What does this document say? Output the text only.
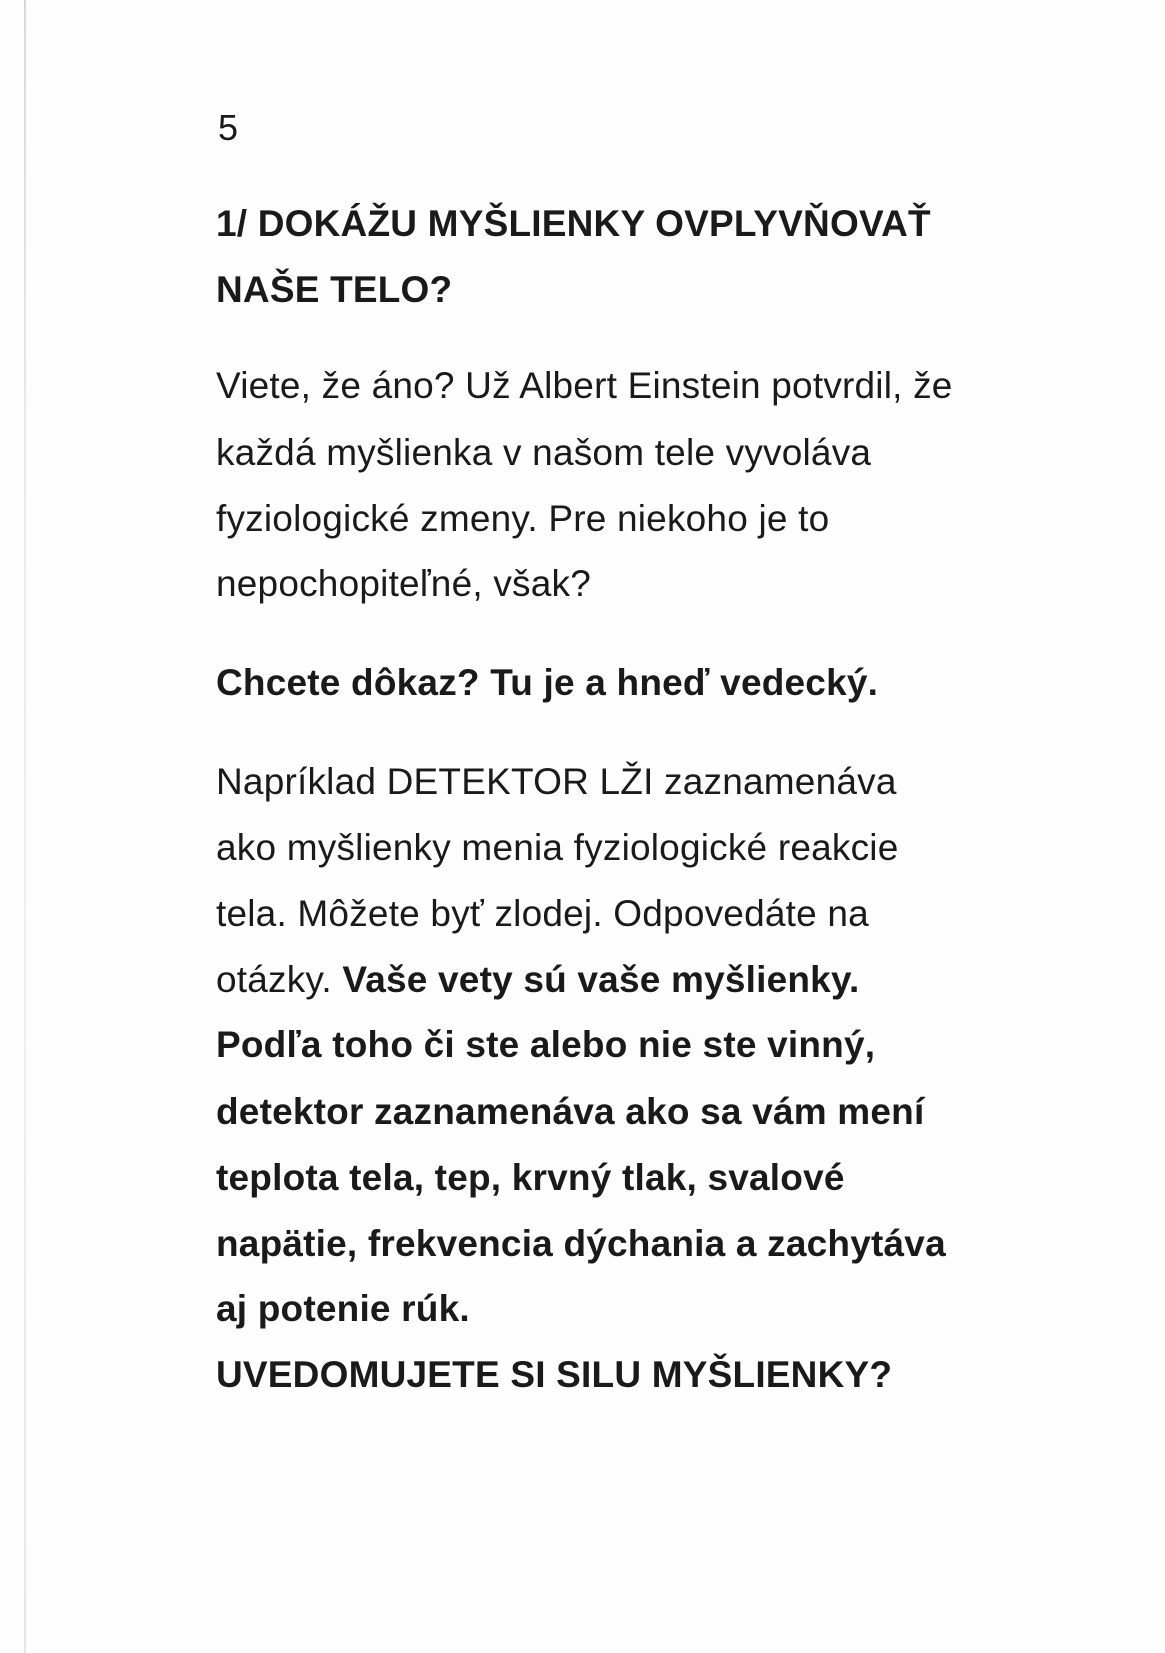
5
1/ DOKÁŽU MYŠLIENKY OVPLYVŇOVAŤ
NAŠE TELO?
Viete, že áno? Už Albert Einstein potvrdil, že
každá myšlienka v našom tele vyvoláva
fyziologické zmeny. Pre niekoho je to
nepochopiteľné, však?
Chcete dôkaz? Tu je a hneď vedecký.
Napríklad DETEKTOR LŽI zaznamenáva
ako myšlienky menia fyziologické reakcie
tela. Môžete byť zlodej. Odpovedáte na
otázky. Vaše vety sú vaše myšlienky.
Podľa toho či ste alebo nie ste vinný,
detektor zaznamenáva ako sa vám mení
teplota tela, tep, krvný tlak, svalové
napätie, frekvencia dýchania a zachytáva
aj potenie rúk.
UVEDOMUJETE SI SILU MYŠLIENKY?
